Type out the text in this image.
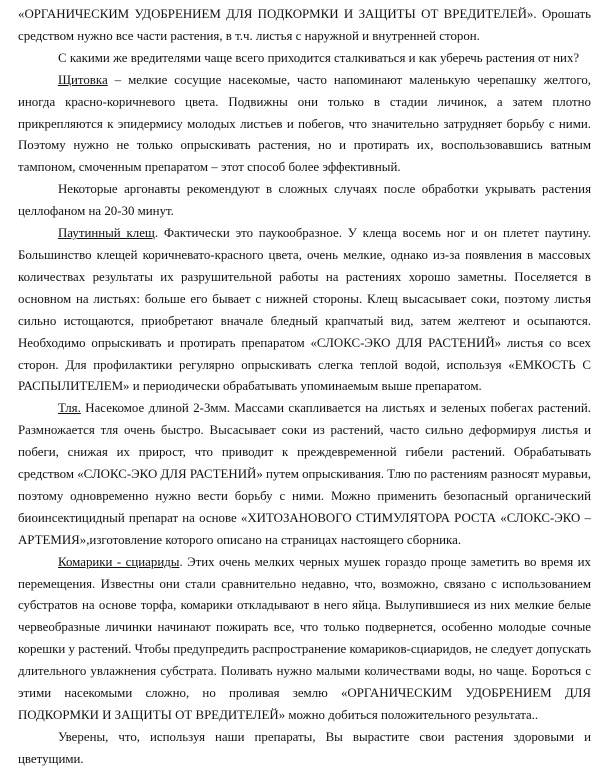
«ОРГАНИЧЕСКИМ УДОБРЕНИЕМ ДЛЯ ПОДКОРМКИ И ЗАЩИТЫ ОТ ВРЕДИТЕЛЕЙ». Орошать средством нужно все части растения, в т.ч. листья с наружной и внутренней сторон.

С какими же вредителями чаще всего приходится сталкиваться и как уберечь растения от них?

Щитовка – мелкие сосущие насекомые, часто напоминают маленькую черепашку желтого, иногда красно-коричневого цвета. Подвижны они только в стадии личинок, а затем плотно прикрепляются к эпидермису молодых листьев и побегов, что значительно затрудняет борьбу с ними. Поэтому нужно не только опрыскивать растения, но и протирать их, воспользовавшись ватным тампоном, смоченным препаратом – этот способ более эффективный.

Некоторые аргонавты рекомендуют в сложных случаях после обработки укрывать растения целлофаном на 20-30 минут.

Паутинный клещ. Фактически это паукообразное. У клеща восемь ног и он плетет паутину. Большинство клещей коричневато-красного цвета, очень мелкие, однако из-за появления в массовых количествах результаты их разрушительной работы на растениях хорошо заметны. Поселяется в основном на листьях: больше его бывает с нижней стороны. Клещ высасывает соки, поэтому листья сильно истощаются, приобретают вначале бледный крапчатый вид, затем желтеют и осыпаются. Необходимо опрыскивать и протирать препаратом «СЛОКС-ЭКО ДЛЯ РАСТЕНИЙ» листья со всех сторон. Для профилактики регулярно опрыскивать слегка теплой водой, используя «ЕМКОСТЬ С РАСПЫЛИТЕЛЕМ» и периодически обрабатывать упоминаемым выше препаратом.

Тля. Насекомое длиной 2-3мм. Массами скапливается на листьях и зеленых побегах растений. Размножается тля очень быстро. Высасывает соки из растений, часто сильно деформируя листья и побеги, снижая их прирост, что приводит к преждевременной гибели растений. Обрабатывать средством «СЛОКС-ЭКО ДЛЯ РАСТЕНИЙ» путем опрыскивания. Тлю по растениям разносят муравьи, поэтому одновременно нужно вести борьбу с ними. Можно применить безопасный органический биоинсектицидный препарат на основе «ХИТОЗАНОВОГО СТИМУЛЯТОРА РОСТА «СЛОКС-ЭКО – АРТЕМИЯ»,изготовление которого описано на страницах настоящего сборника.

Комарики - сциариды. Этих очень мелких черных мушек гораздо проще заметить во время их перемещения. Известны они стали сравнительно недавно, что, возможно, связано с использованием субстратов на основе торфа, комарики откладывают в него яйца. Вылупившиеся из них мелкие белые червеобразные личинки начинают пожирать все, что только подвернется, особенно молодые сочные корешки у растений. Чтобы предупредить распространение комариков-сциаридов, не следует допускать длительного увлажнения субстрата. Поливать нужно малыми количествами воды, но чаще. Бороться с этими насекомыми сложно, но проливая землю «ОРГАНИЧЕСКИМ УДОБРЕНИЕМ ДЛЯ ПОДКОРМКИ И ЗАЩИТЫ ОТ ВРЕДИТЕЛЕЙ» можно добиться положительного результата..

Уверены, что, используя наши препараты, Вы вырастите свои растения здоровыми и цветущими.
